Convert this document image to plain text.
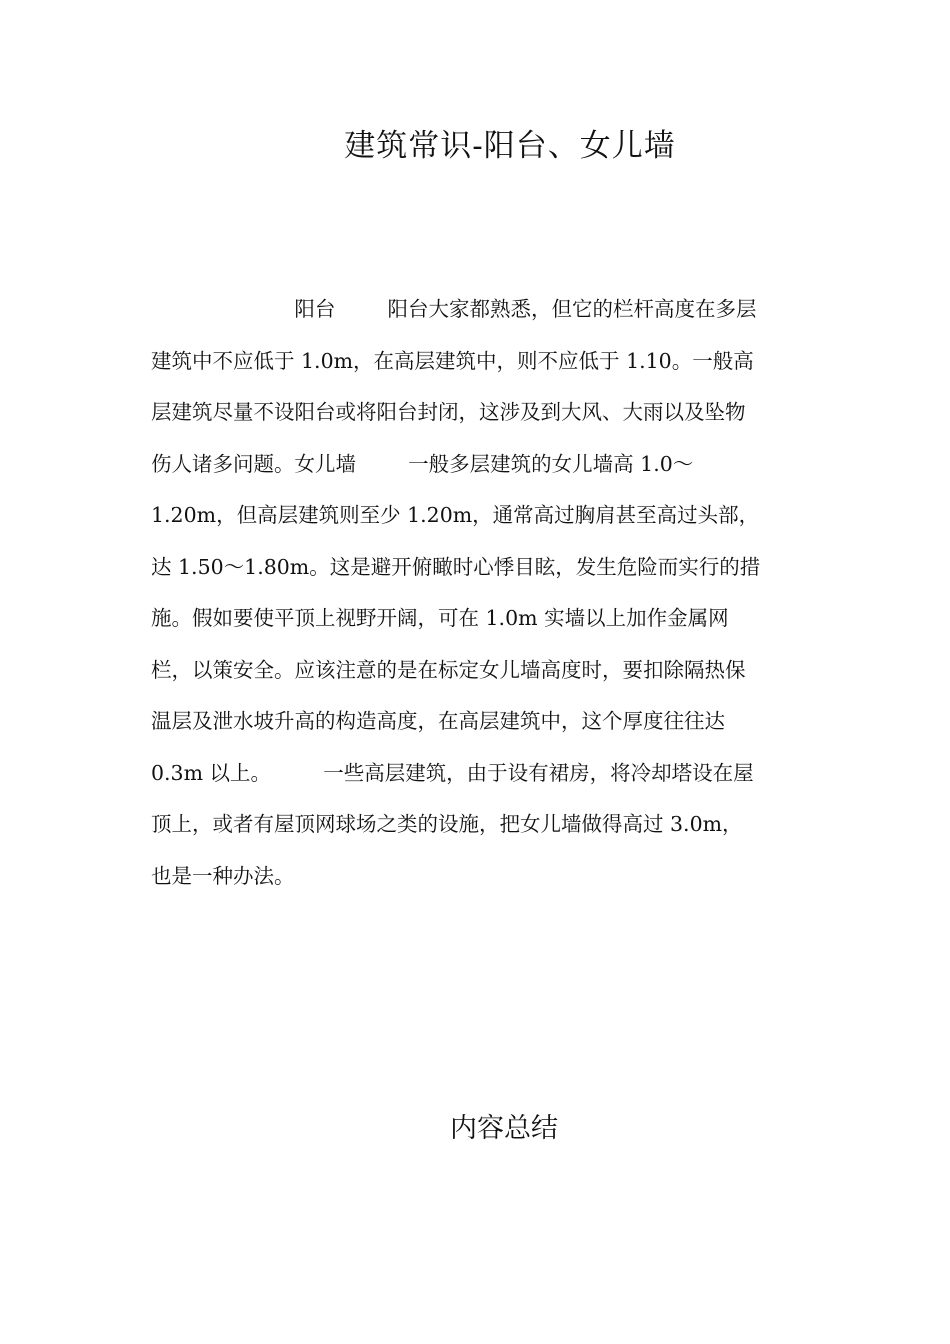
建筑常识-阳台、女儿墙
阳台        阳台大家都熟悉，但它的栏杆高度在多层
建筑中不应低于 1.0m，在高层建筑中，则不应低于 1.10。一般高
层建筑尽量不设阳台或将阳台封闭，这涉及到大风、大雨以及坠物
伤人诸多问题。女儿墙        一般多层建筑的女儿墙高 1.0～
1.20m，但高层建筑则至少 1.20m，通常高过胸肩甚至高过头部，
达 1.50～1.80m。这是避开俯瞰时心悸目眩，发生危险而实行的措
施。假如要使平顶上视野开阔，可在 1.0m 实墙以上加作金属网
栏，以策安全。应该注意的是在标定女儿墙高度时，要扣除隔热保
温层及泄水坡升高的构造高度，在高层建筑中，这个厚度往往达
0.3m 以上。        一些高层建筑，由于设有裙房，将冷却塔设在屋
顶上，或者有屋顶网球场之类的设施，把女儿墙做得高过 3.0m，
也是一种办法。
内容总结
